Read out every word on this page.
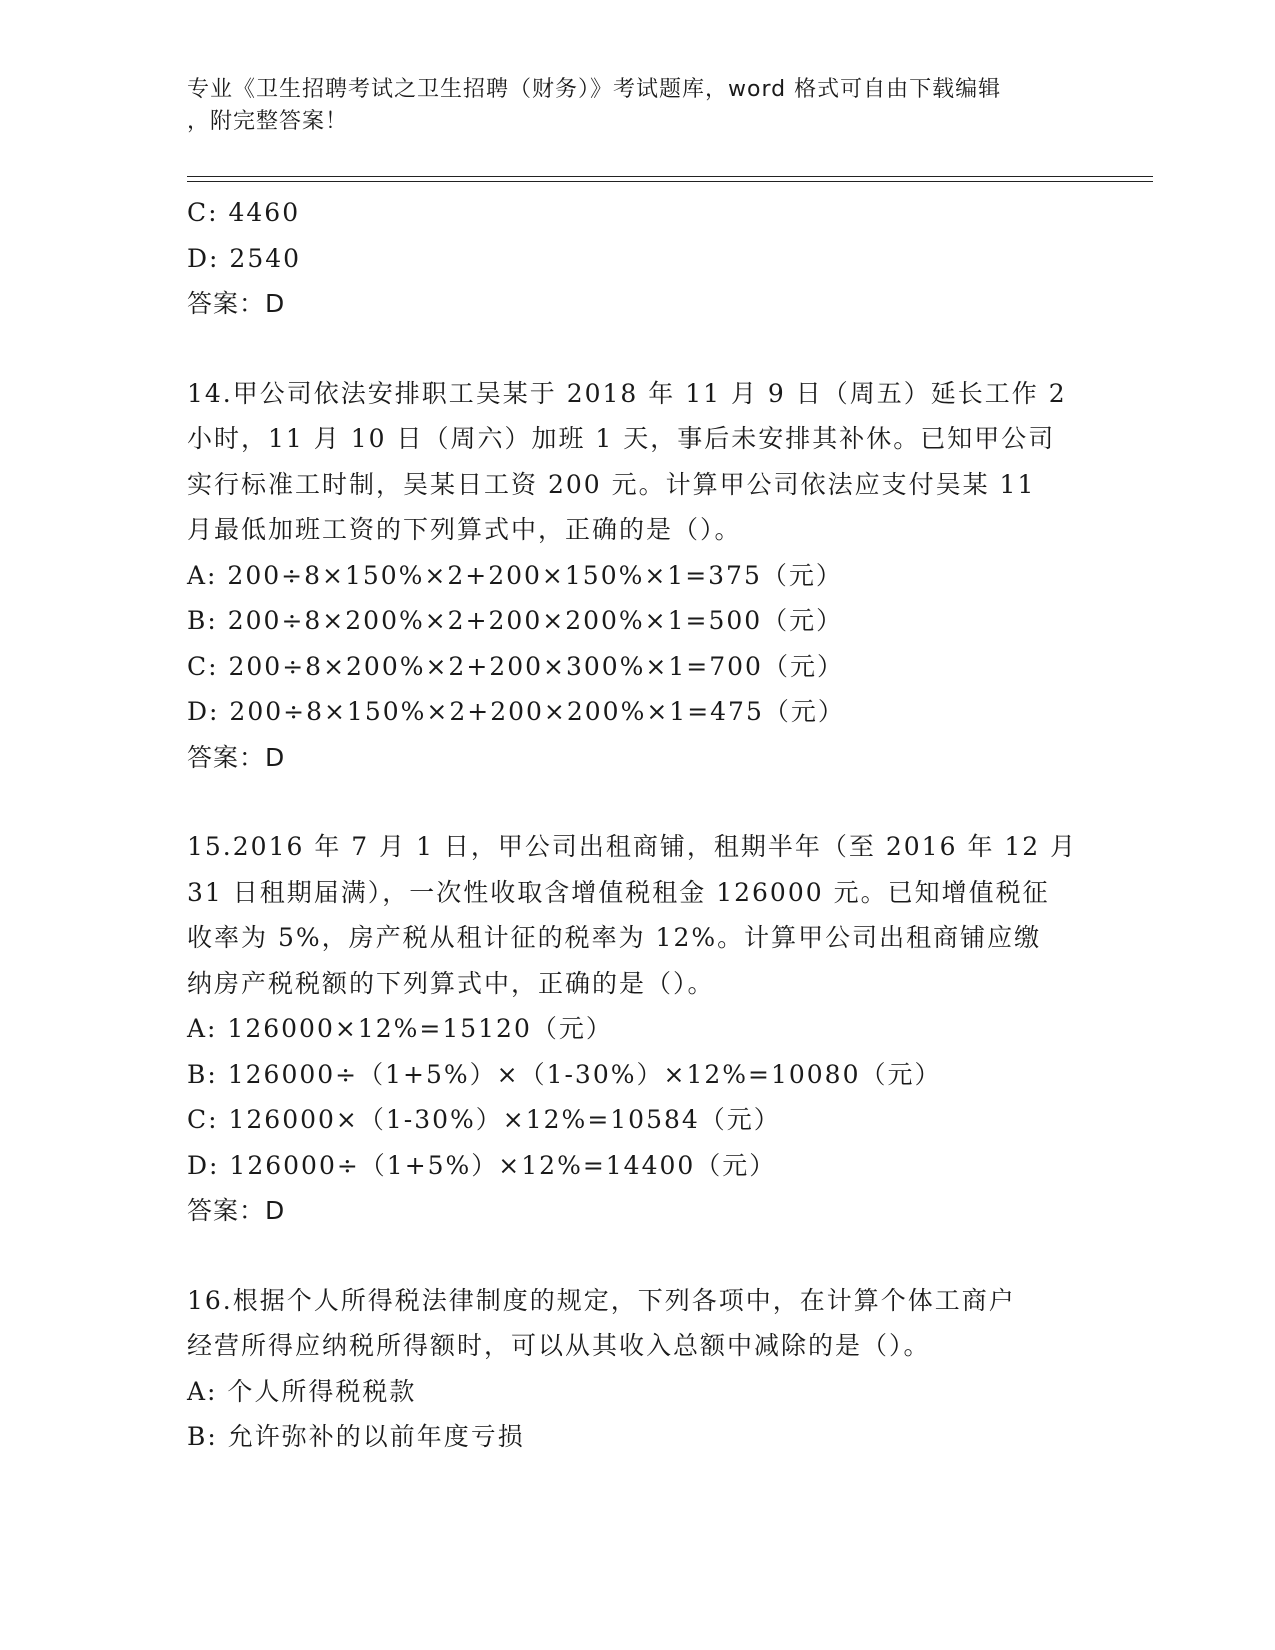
专业《卫生招聘考试之卫生招聘（财务）》考试题库，word 格式可自由下载编辑
，附完整答案！
C: 4460
D: 2540
答案：D
14.甲公司依法安排职工吴某于 2018 年 11 月 9 日（周五）延长工作 2
小时，11 月 10 日（周六）加班 1 天，事后未安排其补休。已知甲公司
实行标准工时制，吴某日工资 200 元。计算甲公司依法应支付吴某 11
月最低加班工资的下列算式中，正确的是（）。
A: 200÷8×150%×2+200×150%×1=375（元）
B: 200÷8×200%×2+200×200%×1=500（元）
C: 200÷8×200%×2+200×300%×1=700（元）
D: 200÷8×150%×2+200×200%×1=475（元）
答案：D
15.2016 年 7 月 1 日，甲公司出租商铺，租期半年（至 2016 年 12 月
31 日租期届满），一次性收取含增值税租金 126000 元。已知增值税征
收率为 5%，房产税从租计征的税率为 12%。计算甲公司出租商铺应缴
纳房产税税额的下列算式中，正确的是（）。
A: 126000×12%=15120（元）
B: 126000÷（1+5%）×（1-30%）×12%=10080（元）
C: 126000×（1-30%）×12%=10584（元）
D: 126000÷（1+5%）×12%=14400（元）
答案：D
16.根据个人所得税法律制度的规定，下列各项中，在计算个体工商户
经营所得应纳税所得额时，可以从其收入总额中减除的是（）。
A: 个人所得税税款
B: 允许弥补的以前年度亏损
